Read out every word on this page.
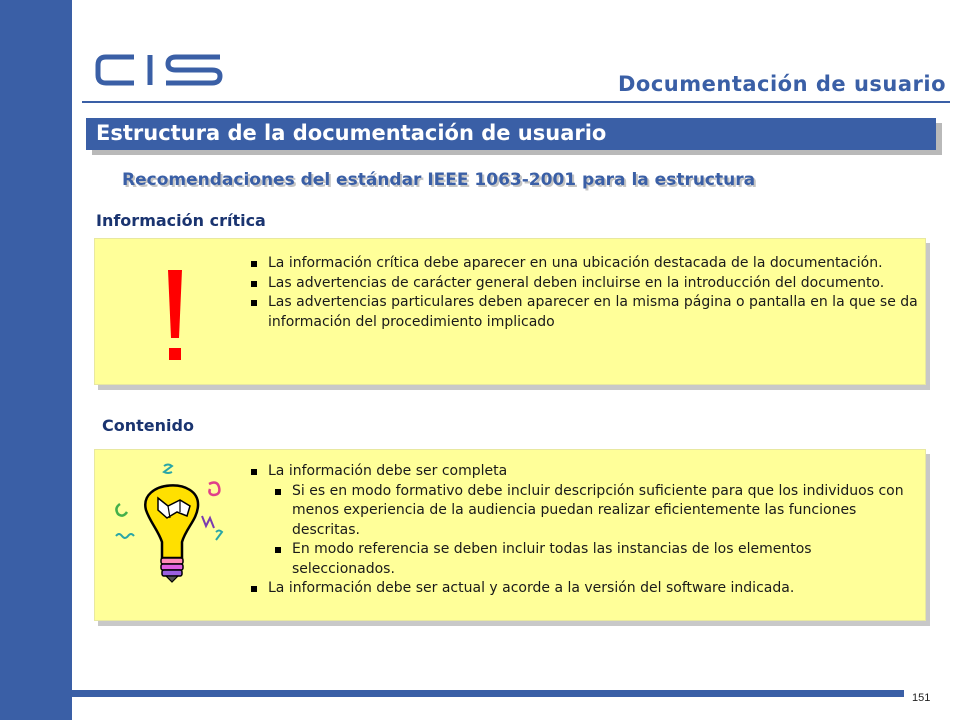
Documentación de usuario
Estructura de la documentación de usuario
Recomendaciones del estándar IEEE 1063-2001 para la estructura
Información crítica
La información crítica debe aparecer en una ubicación destacada de la documentación.
Las advertencias de carácter general deben incluirse en la introducción del documento.
Las advertencias particulares deben aparecer en la misma página o pantalla en la que se da información del procedimiento implicado
Contenido
La información debe ser completa
Si es en modo formativo debe incluir descripción suficiente para que los individuos con menos experiencia de la audiencia puedan realizar eficientemente las funciones descritas.
En modo referencia se deben incluir todas las instancias de los elementos seleccionados.
La información debe ser actual y acorde a la versión del software indicada.
151
